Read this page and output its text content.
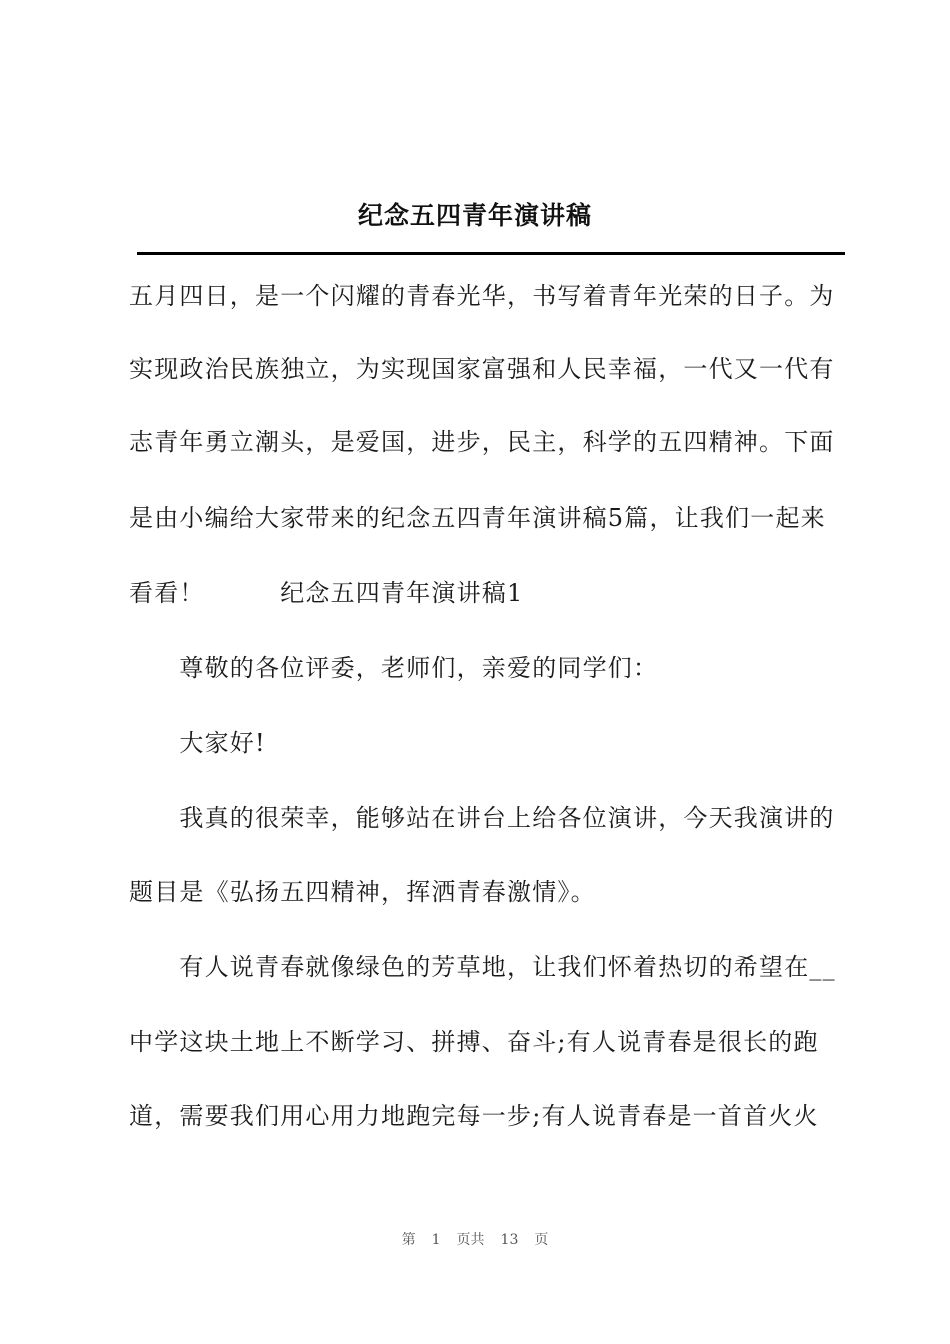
纪念五四青年演讲稿
五月四日，是一个闪耀的青春光华，书写着青年光荣的日子。为
实现政治民族独立，为实现国家富强和人民幸福，一代又一代有
志青年勇立潮头，是爱国，进步，民主，科学的五四精神。下面
是由小编给大家带来的纪念五四青年演讲稿5篇，让我们一起来
看看！　　　纪念五四青年演讲稿1
　　尊敬的各位评委，老师们，亲爱的同学们：
　　大家好!
　　我真的很荣幸，能够站在讲台上给各位演讲，今天我演讲的
题目是《弘扬五四精神，挥洒青春激情》。
　　有人说青春就像绿色的芳草地，让我们怀着热切的希望在__
中学这块土地上不断学习、拼搏、奋斗;有人说青春是很长的跑
道，需要我们用心用力地跑完每一步;有人说青春是一首首火火
第 1 页共 13 页
